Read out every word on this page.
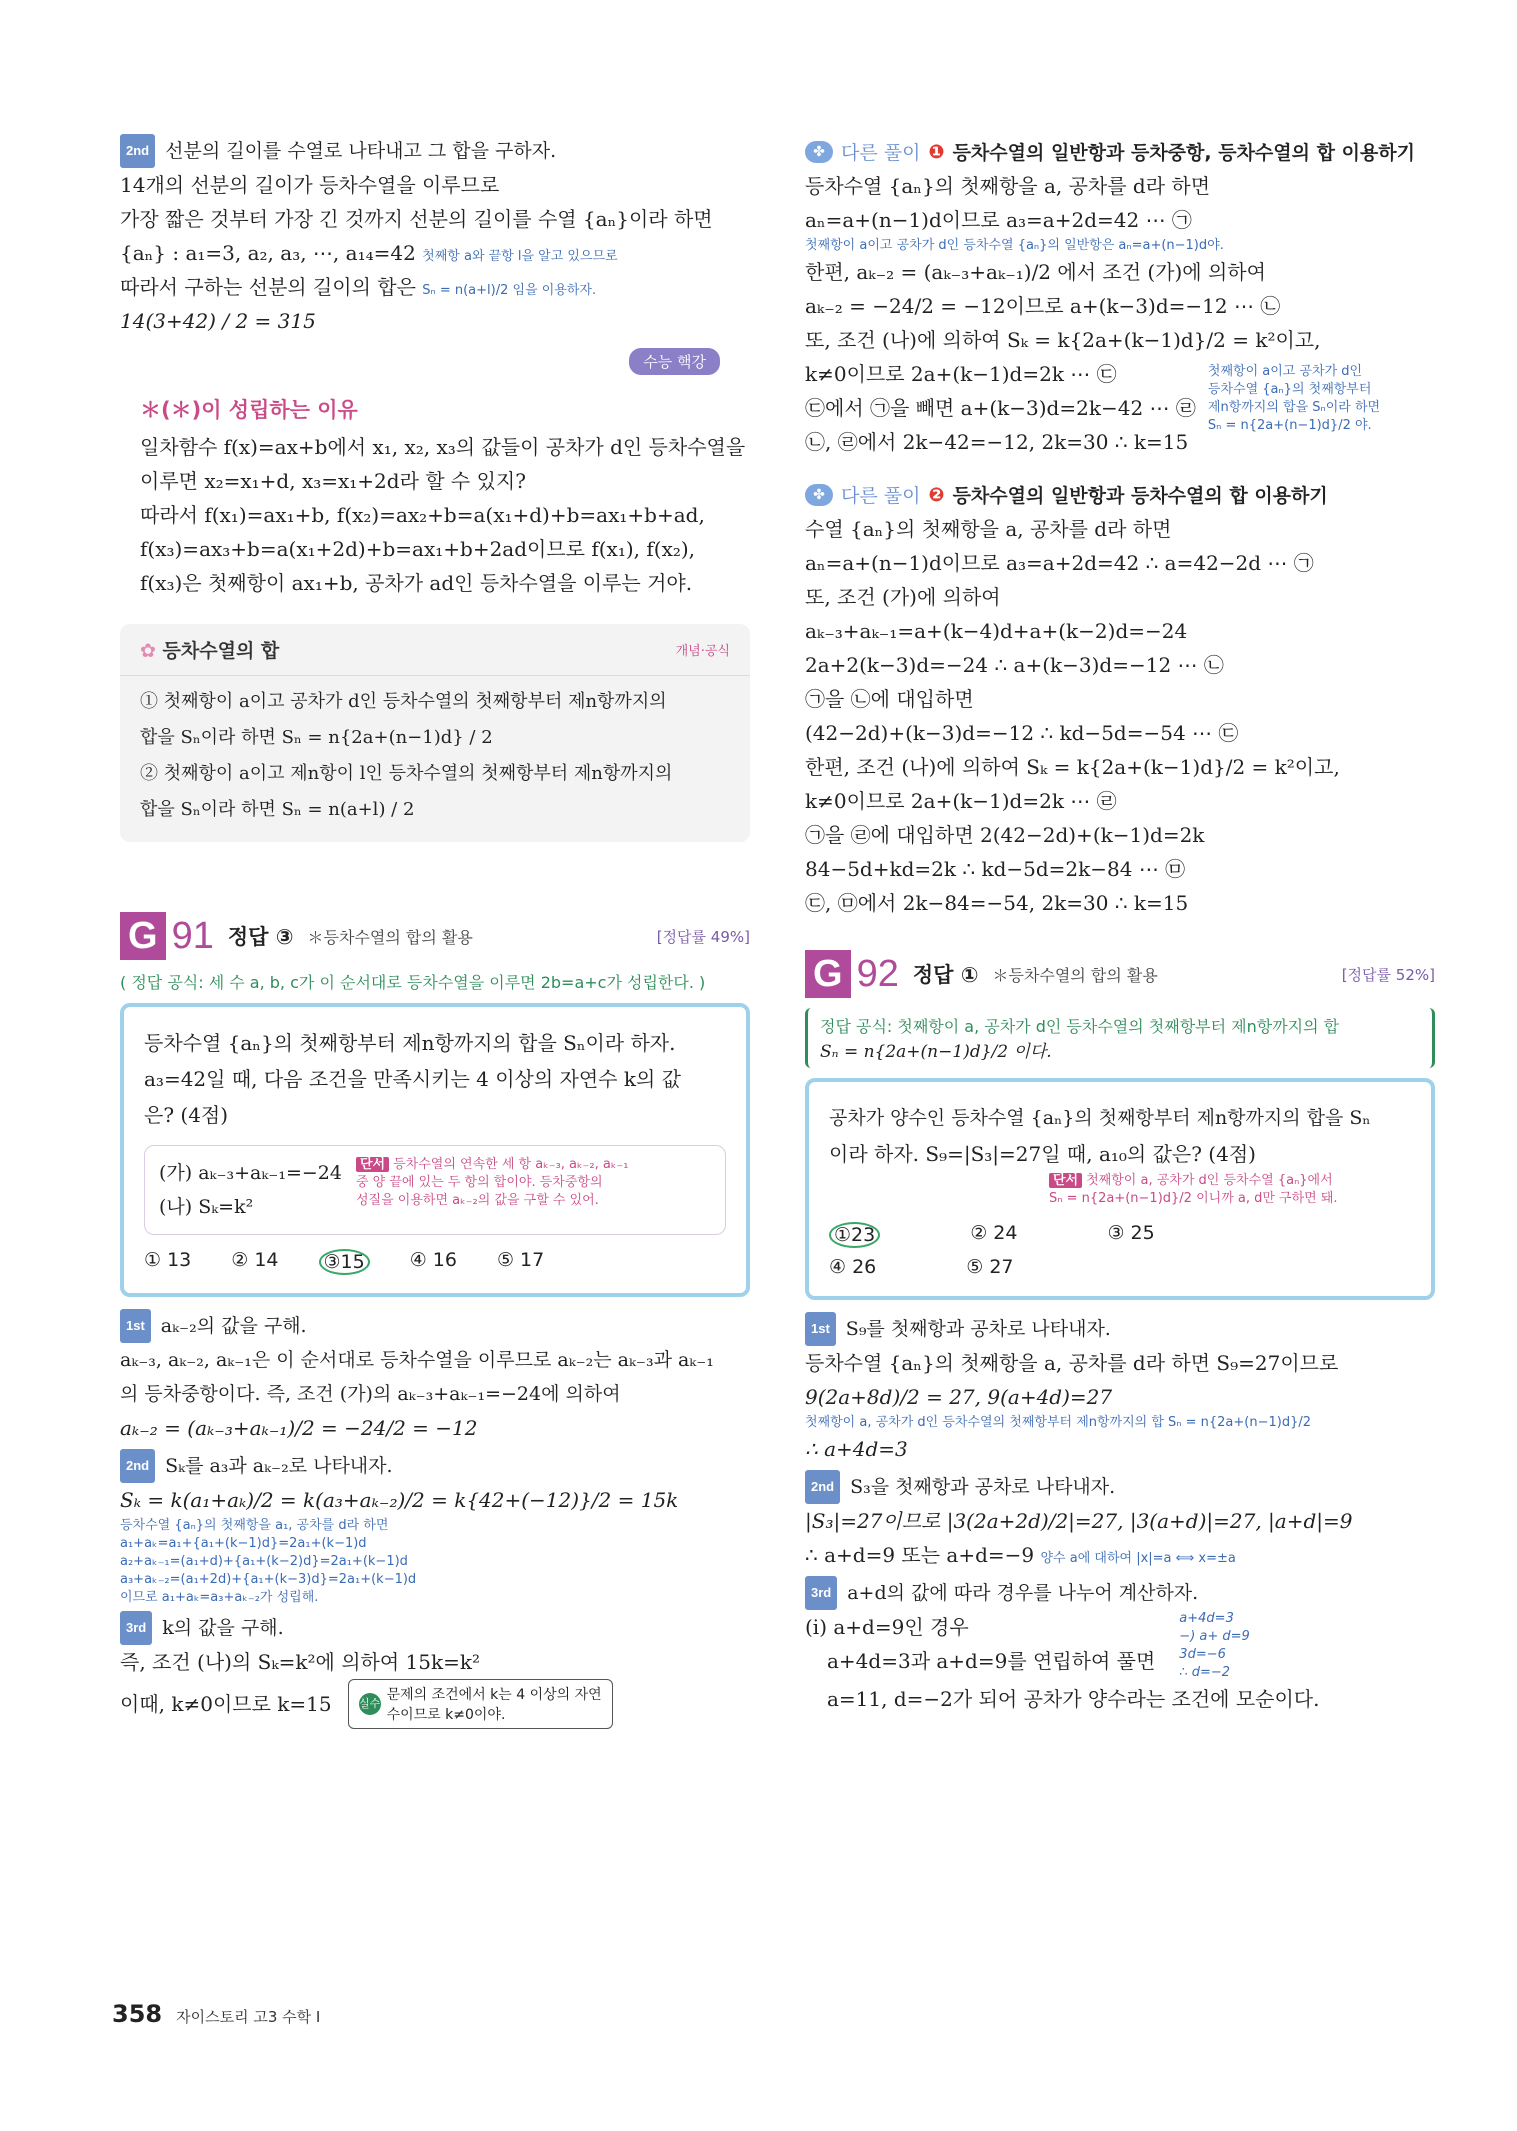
2nd 선분의 길이를 수열로 나타내고 그 합을 구하자.
14개의 선분의 길이가 등차수열을 이루므로
가장 짧은 것부터 가장 긴 것까지 선분의 길이를 수열 {aₙ}이라 하면
{aₙ} : a₁=3, a₂, a₃, ⋯, a₁₄=42 첫째항 a와 끝항 l을 알고 있으므로
따라서 구하는 선분의 길이의 합은 Sₙ = n(a+l)/2 임을 이용하자.
14(3+42) / 2 = 315
수능 핵강
＊(＊)이 성립하는 이유
일차함수 f(x)=ax+b에서 x₁, x₂, x₃의 값들이 공차가 d인 등차수열을
이루면 x₂=x₁+d, x₃=x₁+2d라 할 수 있지?
따라서 f(x₁)=ax₁+b, f(x₂)=ax₂+b=a(x₁+d)+b=ax₁+b+ad,
f(x₃)=ax₃+b=a(x₁+2d)+b=ax₁+b+2ad이므로 f(x₁), f(x₂),
f(x₃)은 첫째항이 ax₁+b, 공차가 ad인 등차수열을 이루는 거야.
✿ 등차수열의 합	개념·공식
① 첫째항이 a이고 공차가 d인 등차수열의 첫째항부터 제n항까지의
합을 Sₙ이라 하면 Sₙ = n{2a+(n−1)d} / 2
② 첫째항이 a이고 제n항이 l인 등차수열의 첫째항부터 제n항까지의
합을 Sₙ이라 하면 Sₙ = n(a+l) / 2
G 91 정답 ③ ＊등차수열의 합의 활용	[정답률 49%]
( 정답 공식: 세 수 a, b, c가 이 순서대로 등차수열을 이루면 2b=a+c가 성립한다. )
등차수열 {aₙ}의 첫째항부터 제n항까지의 합을 Sₙ이라 하자.
a₃=42일 때, 다음 조건을 만족시키는 4 이상의 자연수 k의 값
은? (4점)
(가) aₖ₋₃+aₖ₋₁=−24
(나) Sₖ=k²
단서 등차수열의 연속한 세 항 aₖ₋₃, aₖ₋₂, aₖ₋₁
중 양 끝에 있는 두 항의 합이야. 등차중항의
성질을 이용하면 aₖ₋₂의 값을 구할 수 있어.
① 13 ② 14 ③15 ④ 16 ⑤ 17
1st aₖ₋₂의 값을 구해.
aₖ₋₃, aₖ₋₂, aₖ₋₁은 이 순서대로 등차수열을 이루므로 aₖ₋₂는 aₖ₋₃과 aₖ₋₁
의 등차중항이다. 즉, 조건 (가)의 aₖ₋₃+aₖ₋₁=−24에 의하여
aₖ₋₂ = (aₖ₋₃+aₖ₋₁)/2 = −24/2 = −12
2nd Sₖ를 a₃과 aₖ₋₂로 나타내자.
Sₖ = k(a₁+aₖ)/2 = k(a₃+aₖ₋₂)/2 = k{42+(−12)}/2 = 15k
등차수열 {aₙ}의 첫째항을 a₁, 공차를 d라 하면
a₁+aₖ=a₁+{a₁+(k−1)d}=2a₁+(k−1)d
a₂+aₖ₋₁=(a₁+d)+{a₁+(k−2)d}=2a₁+(k−1)d
a₃+aₖ₋₂=(a₁+2d)+{a₁+(k−3)d}=2a₁+(k−1)d
이므로 a₁+aₖ=a₃+aₖ₋₂가 성립해.
3rd k의 값을 구해.
즉, 조건 (나)의 Sₖ=k²에 의하여 15k=k²
이때, k≠0이므로 k=15 실수
문제의 조건에서 k는 4 이상의 자연
수이므로 k≠0이야.
✤ 다른 풀이 ❶ 등차수열의 일반항과 등차중항, 등차수열의 합 이용하기
등차수열 {aₙ}의 첫째항을 a, 공차를 d라 하면
aₙ=a+(n−1)d이므로 a₃=a+2d=42 ⋯ ㉠
첫째항이 a이고 공차가 d인 등차수열 {aₙ}의 일반항은 aₙ=a+(n−1)d야.
한편, aₖ₋₂ = (aₖ₋₃+aₖ₋₁)/2 에서 조건 (가)에 의하여
aₖ₋₂ = −24/2 = −12이므로 a+(k−3)d=−12 ⋯ ㉡
또, 조건 (나)에 의하여 Sₖ = k{2a+(k−1)d}/2 = k²이고,
k≠0이므로 2a+(k−1)d=2k ⋯ ㉢
㉢에서 ㉠을 빼면 a+(k−3)d=2k−42 ⋯ ㉣
㉡, ㉣에서 2k−42=−12, 2k=30 ∴ k=15
첫째항이 a이고 공차가 d인
등차수열 {aₙ}의 첫째항부터
제n항까지의 합을 Sₙ이라 하면
Sₙ = n{2a+(n−1)d}/2 야.
✤ 다른 풀이 ❷ 등차수열의 일반항과 등차수열의 합 이용하기
수열 {aₙ}의 첫째항을 a, 공차를 d라 하면
aₙ=a+(n−1)d이므로 a₃=a+2d=42 ∴ a=42−2d ⋯ ㉠
또, 조건 (가)에 의하여
aₖ₋₃+aₖ₋₁=a+(k−4)d+a+(k−2)d=−24
2a+2(k−3)d=−24 ∴ a+(k−3)d=−12 ⋯ ㉡
㉠을 ㉡에 대입하면
(42−2d)+(k−3)d=−12 ∴ kd−5d=−54 ⋯ ㉢
한편, 조건 (나)에 의하여 Sₖ = k{2a+(k−1)d}/2 = k²이고,
k≠0이므로 2a+(k−1)d=2k ⋯ ㉣
㉠을 ㉣에 대입하면 2(42−2d)+(k−1)d=2k
84−5d+kd=2k ∴ kd−5d=2k−84 ⋯ ㉤
㉢, ㉤에서 2k−84=−54, 2k=30 ∴ k=15
G 92 정답 ① ＊등차수열의 합의 활용	[정답률 52%]
정답 공식: 첫째항이 a, 공차가 d인 등차수열의 첫째항부터 제n항까지의 합
Sₙ = n{2a+(n−1)d}/2 이다.
공차가 양수인 등차수열 {aₙ}의 첫째항부터 제n항까지의 합을 Sₙ
이라 하자. S₉=|S₃|=27일 때, a₁₀의 값은? (4점)
단서 첫째항이 a, 공차가 d인 등차수열 {aₙ}에서
Sₙ = n{2a+(n−1)d}/2 이니까 a, d만 구하면 돼.
①23	② 24	③ 25
④ 26	⑤ 27
1st S₉를 첫째항과 공차로 나타내자.
등차수열 {aₙ}의 첫째항을 a, 공차를 d라 하면 S₉=27이므로
9(2a+8d)/2 = 27, 9(a+4d)=27
첫째항이 a, 공차가 d인 등차수열의 첫째항부터 제n항까지의 합 Sₙ = n{2a+(n−1)d}/2
∴ a+4d=3
2nd S₃을 첫째항과 공차로 나타내자.
|S₃|=27이므로 |3(2a+2d)/2|=27, |3(a+d)|=27, |a+d|=9
∴ a+d=9 또는 a+d=−9 양수 a에 대하여 |x|=a ⟺ x=±a
3rd a+d의 값에 따라 경우를 나누어 계산하자.
(i) a+d=9인 경우
a+4d=3과 a+d=9를 연립하여 풀면
a+4d=3
−) a+ d=9
3d=−6
∴ d=−2
a=11, d=−2가 되어 공차가 양수라는 조건에 모순이다.
358 자이스토리 고3 수학 I
